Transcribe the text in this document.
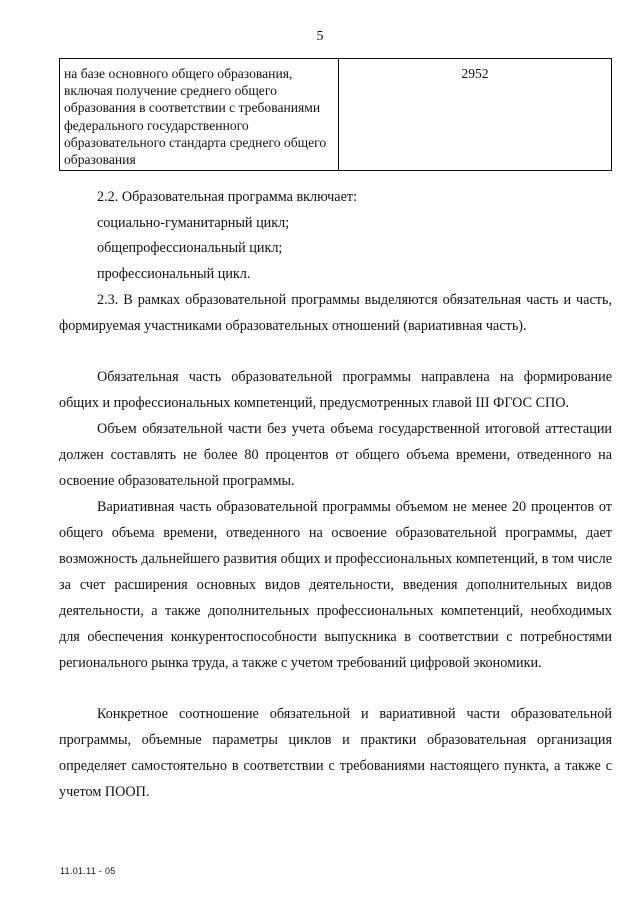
5
на базе основного общего образования, включая получение среднего общего образования в соответствии с требованиями федерального государственного образовательного стандарта среднего общего образования	2952

2.2. Образовательная программа включает:

социально-гуманитарный цикл;

общепрофессиональный цикл;

профессиональный цикл.

2.3. В рамках образовательной программы выделяются обязательная часть и часть, формируемая участниками образовательных отношений (вариативная часть).

Обязательная часть образовательной программы направлена на формирование общих и профессиональных компетенций, предусмотренных главой III ФГОС СПО.

Объем обязательной части без учета объема государственной итоговой аттестации должен составлять не более 80 процентов от общего объема времени, отведенного на освоение образовательной программы.

Вариативная часть образовательной программы объемом не менее 20 процентов от общего объема времени, отведенного на освоение образовательной программы, дает возможность дальнейшего развития общих и профессиональных компетенций, в том числе за счет расширения основных видов деятельности, введения дополнительных видов деятельности, а также дополнительных профессиональных компетенций, необходимых для обеспечения конкурентоспособности выпускника в соответствии с потребностями регионального рынка труда, а также с учетом требований цифровой экономики.

Конкретное соотношение обязательной и вариативной части образовательной программы, объемные параметры циклов и практики образовательная организация определяет самостоятельно в соответствии с требованиями настоящего пункта, а также с учетом ПООП.

11.01.11 - 05
